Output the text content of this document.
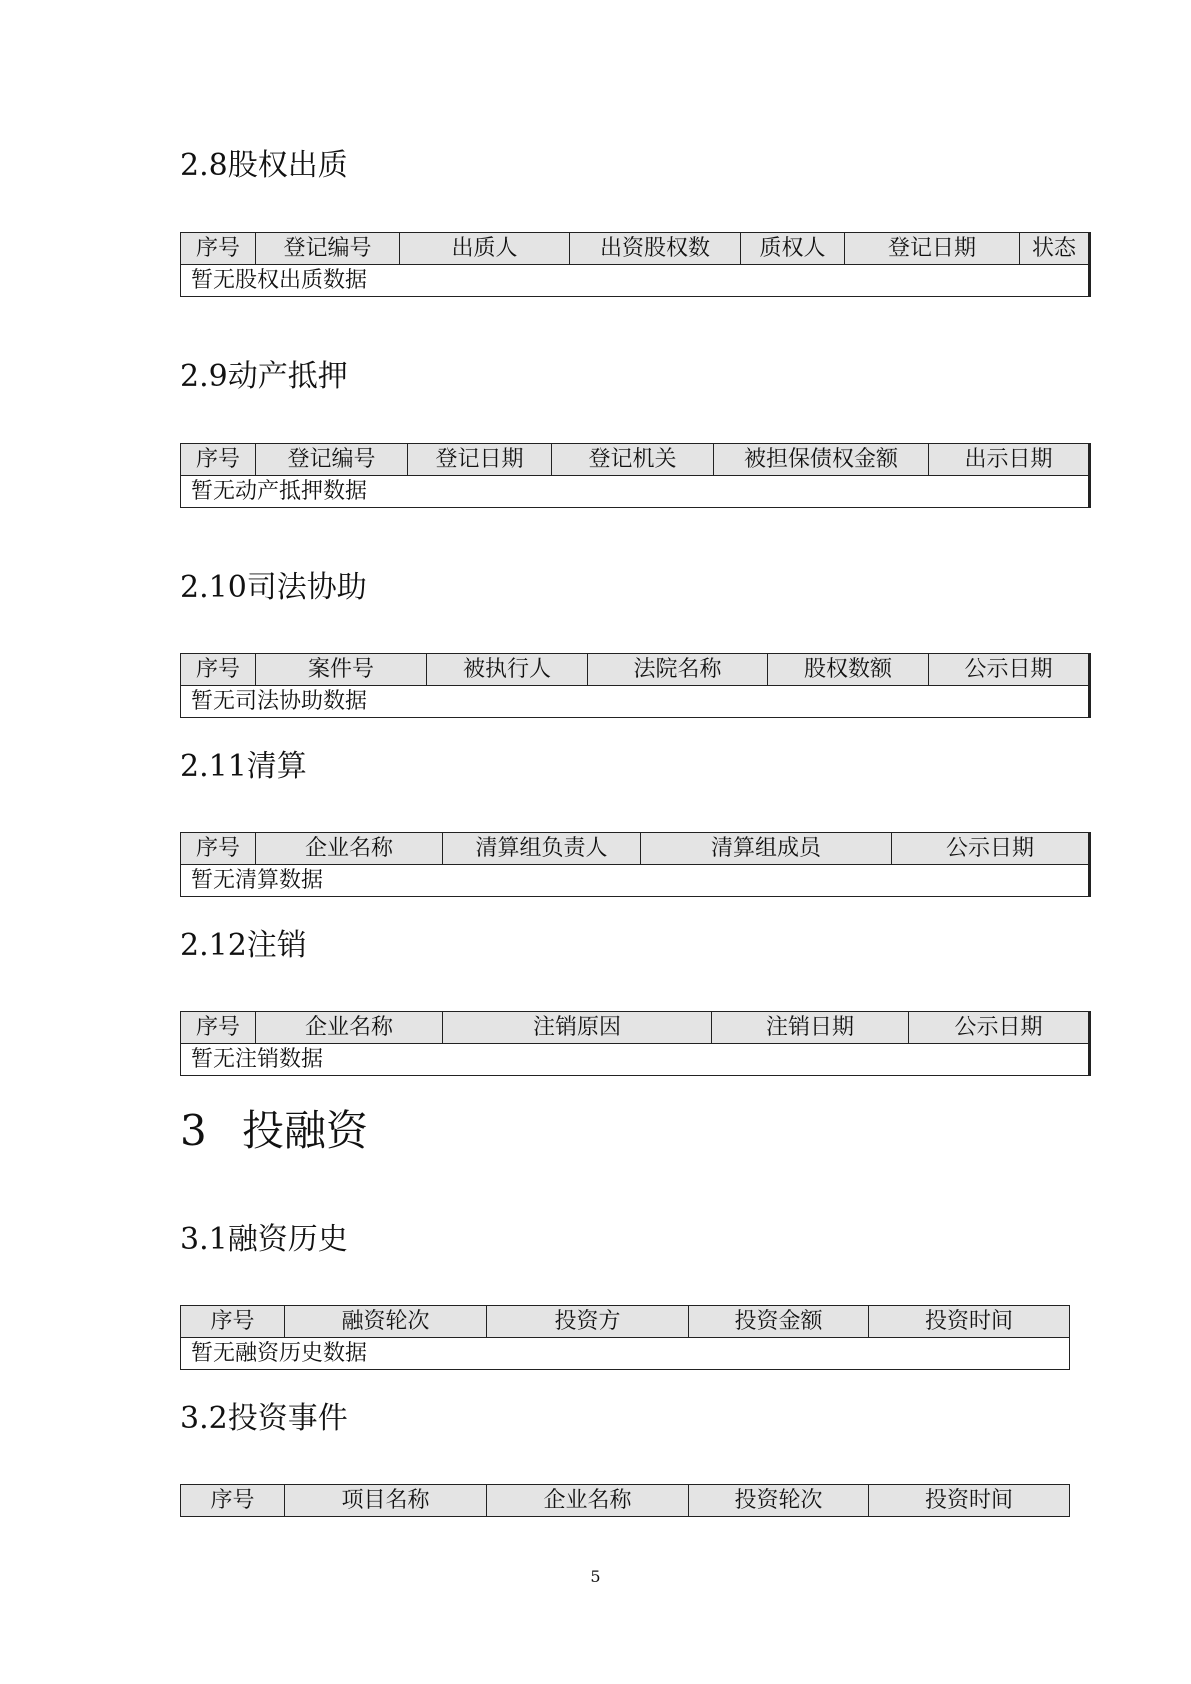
2.8股权出质
序号	登记编号	出质人	出资股权数	质权人	登记日期	状态
暂无股权出质数据
2.9动产抵押
序号	登记编号	登记日期	登记机关	被担保债权金额	出示日期
暂无动产抵押数据
2.10司法协助
序号	案件号	被执行人	法院名称	股权数额	公示日期
暂无司法协助数据
2.11清算
序号	企业名称	清算组负责人	清算组成员	公示日期
暂无清算数据
2.12注销
序号	企业名称	注销原因	注销日期	公示日期
暂无注销数据
3 投融资
3.1融资历史
序号	融资轮次	投资方	投资金额	投资时间
暂无融资历史数据
3.2投资事件
序号	项目名称	企业名称	投资轮次	投资时间
5
